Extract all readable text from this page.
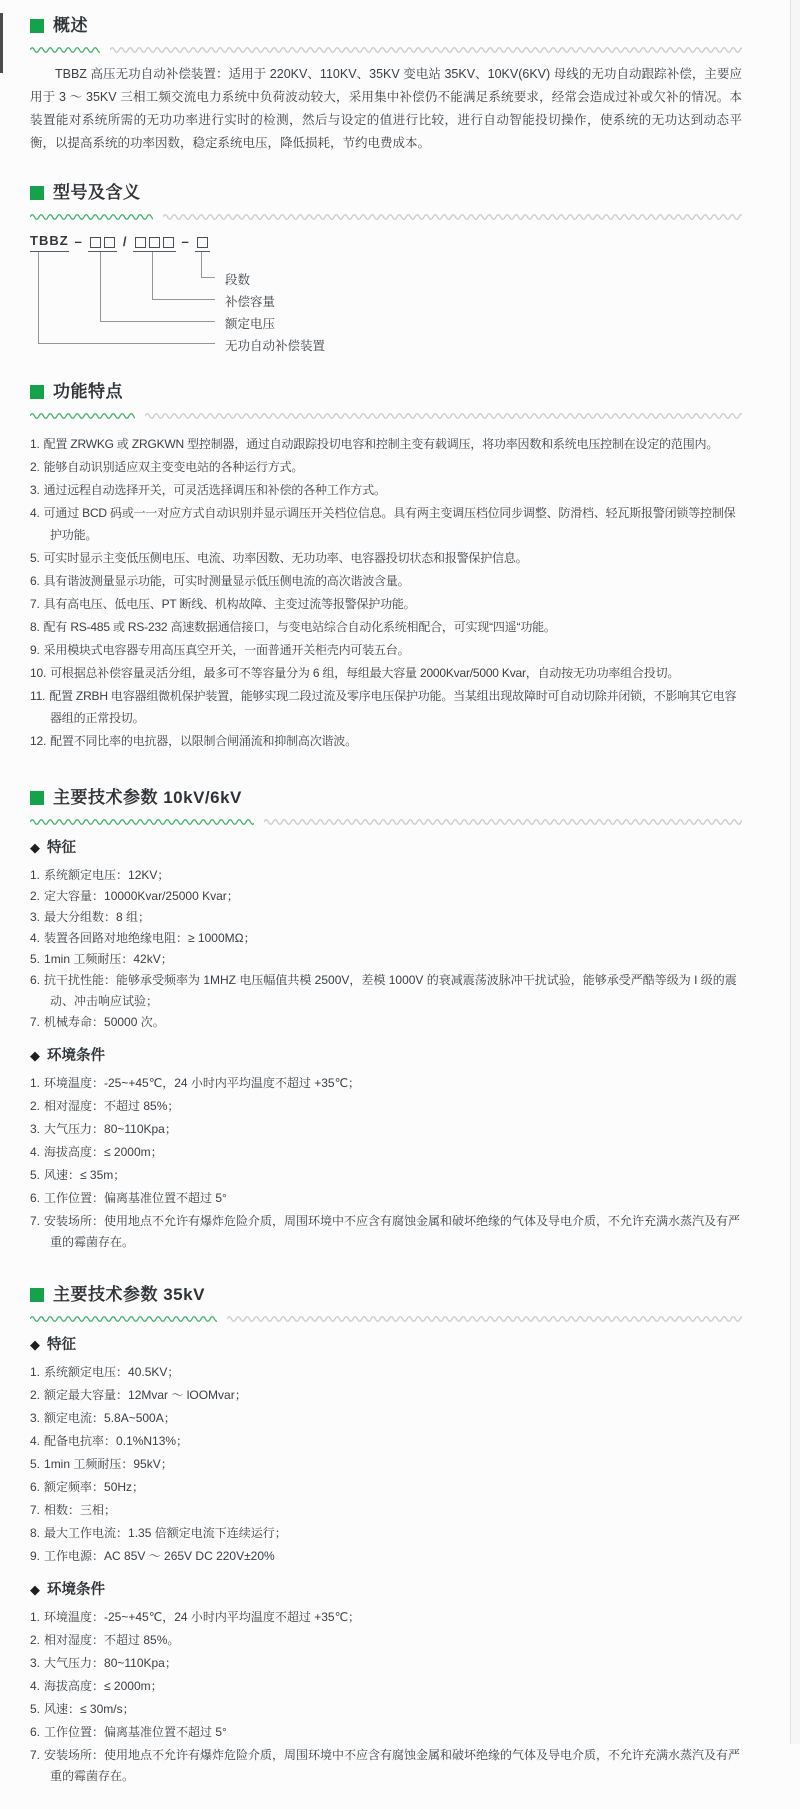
概述

TBBZ 高压无功自动补偿装置：适用于 220KV、110KV、35KV 变电站 35KV、10KV(6KV) 母线的无功自动跟踪补偿，主要应用于 3 ～ 35KV 三相工频交流电力系统中负荷波动较大，采用集中补偿仍不能满足系统要求，经常会造成过补或欠补的情况。本装置能对系统所需的无功功率进行实时的检测，然后与设定的值进行比较，进行自动智能投切操作，使系统的无功达到动态平衡，以提高系统的功率因数，稳定系统电压，降低损耗，节约电费成本。

型号及含义
TBBZ –	/	–
段数
补偿容量
额定电压
无功自动补偿装置
功能特点
1. 配置 ZRWKG 或 ZRGKWN 型控制器，通过自动跟踪投切电容和控制主变有载调压，将功率因数和系统电压控制在设定的范围内。
2. 能够自动识别适应双主变变电站的各种运行方式。
3. 通过远程自动选择开关，可灵活选择调压和补偿的各种工作方式。
4. 可通过 BCD 码或一一对应方式自动识别并显示调压开关档位信息。具有两主变调压档位同步调整、防滑档、轻瓦斯报警闭锁等控制保护功能。
5. 可实时显示主变低压侧电压、电流、功率因数、无功功率、电容器投切状态和报警保护信息。
6. 具有谐波测量显示功能，可实时测量显示低压侧电流的高次谐波含量。
7. 具有高电压、低电压、PT 断线、机构故障、主变过流等报警保护功能。
8. 配有 RS-485 或 RS-232 高速数据通信接口，与变电站综合自动化系统相配合，可实现“四遥“功能。
9. 采用模块式电容器专用高压真空开关，一面普通开关柜壳内可装五台。
10. 可根据总补偿容量灵活分组，最多可不等容量分为 6 组，每组最大容量 2000Kvar/5000 Kvar，自动按无功功率组合投切。
11. 配置 ZRBH 电容器组微机保护装置，能够实现二段过流及零序电压保护功能。当某组出现故障时可自动切除并闭锁，不影响其它电容器组的正常投切。
12. 配置不同比率的电抗器，以限制合闸涌流和抑制高次谐波。
主要技术参数 10kV/6kV
◆ 特征
1. 系统额定电压：12KV；
2. 定大容量：10000Kvar/25000 Kvar；
3. 最大分组数：8 组；
4. 装置各回路对地绝缘电阻：≥ 1000MΩ；
5. 1min 工频耐压：42kV；
6. 抗干扰性能：能够承受频率为 1MHZ 电压幅值共模 2500V，差模 1000V 的衰减震荡波脉冲干扰试验，能够承受严酷等级为 I 级的震动、冲击响应试验；
7. 机械寿命：50000 次。
◆ 环境条件
1. 环境温度：-25~+45℃，24 小时内平均温度不超过 +35℃；
2. 相对湿度：不超过 85%；
3. 大气压力：80~110Kpa；
4. 海拔高度：≤ 2000m；
5. 风速：≤ 35m；
6. 工作位置：偏离基准位置不超过 5°
7. 安装场所：使用地点不允许有爆炸危险介质，周围环境中不应含有腐蚀金属和破坏绝缘的气体及导电介质，不允许充满水蒸汽及有严重的霉菌存在。
主要技术参数 35kV
◆ 特征
1. 系统额定电压：40.5KV；
2. 额定最大容量：12Mvar ～ lOOMvar；
3. 额定电流：5.8A~500A；
4. 配备电抗率：0.1%N13%；
5. 1min 工频耐压：95kV；
6. 额定频率：50Hz；
7. 相数：三相；
8. 最大工作电流：1.35 倍额定电流下连续运行；
9. 工作电源：AC 85V ～ 265V DC 220V±20%
◆ 环境条件
1. 环境温度：-25~+45℃，24 小时内平均温度不超过 +35℃；
2. 相对湿度：不超过 85%。
3. 大气压力：80~110Kpa；
4. 海拔高度：≤ 2000m；
5. 风速：≤ 30m/s；
6. 工作位置：偏离基准位置不超过 5°
7. 安装场所：使用地点不允许有爆炸危险介质，周围环境中不应含有腐蚀金属和破坏绝缘的气体及导电介质，不允许充满水蒸汽及有严重的霉菌存在。
